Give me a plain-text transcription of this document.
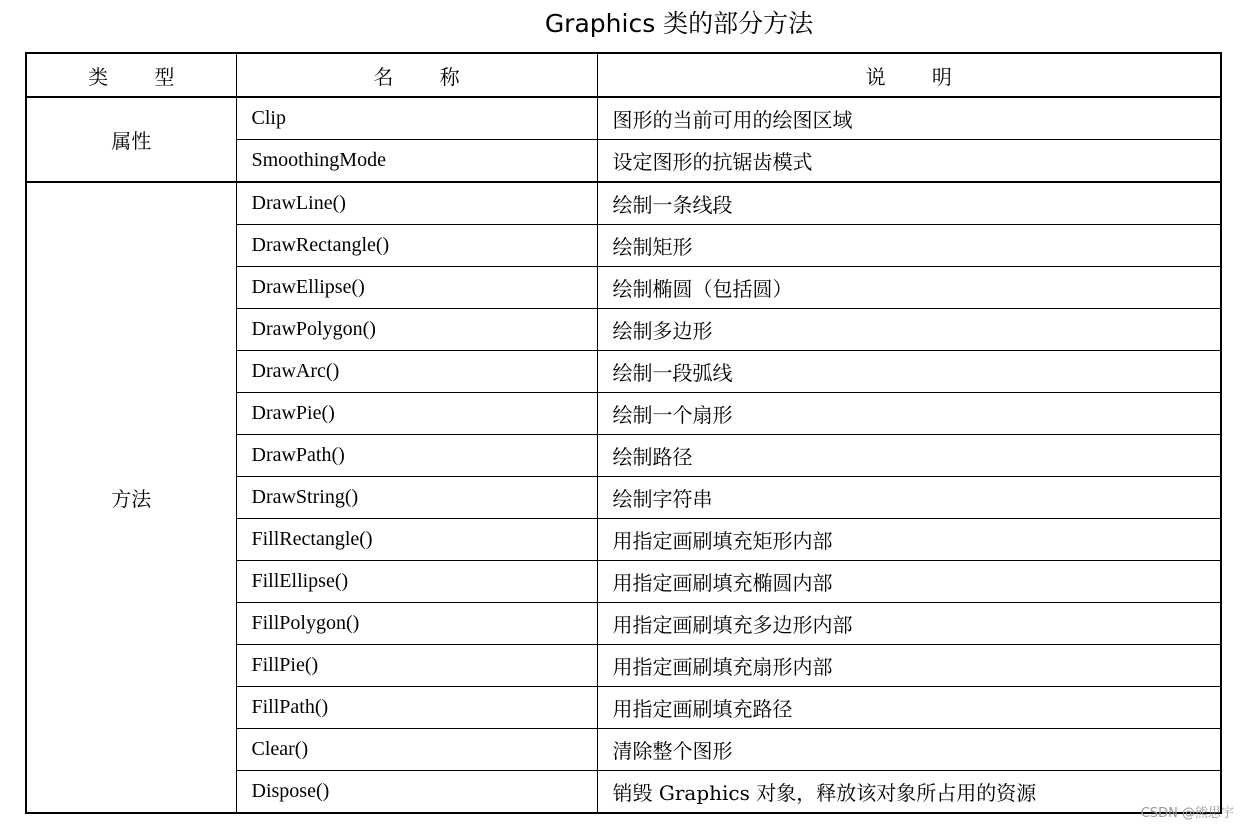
Graphics 类的部分方法
类 型	名 称	说 明
属性	Clip	图形的当前可用的绘图区域
	SmoothingMode	设定图形的抗锯齿模式
方法	DrawLine()	绘制一条线段
	DrawRectangle()	绘制矩形
	DrawEllipse()	绘制椭圆（包括圆）
	DrawPolygon()	绘制多边形
	DrawArc()	绘制一段弧线
	DrawPie()	绘制一个扇形
	DrawPath()	绘制路径
	DrawString()	绘制字符串
	FillRectangle()	用指定画刷填充矩形内部
	FillEllipse()	用指定画刷填充椭圆内部
	FillPolygon()	用指定画刷填充多边形内部
	FillPie()	用指定画刷填充扇形内部
	FillPath()	用指定画刷填充路径
	Clear()	清除整个图形
	Dispose()	销毁 Graphics 对象，释放该对象所占用的资源
CSDN @熊思宇
